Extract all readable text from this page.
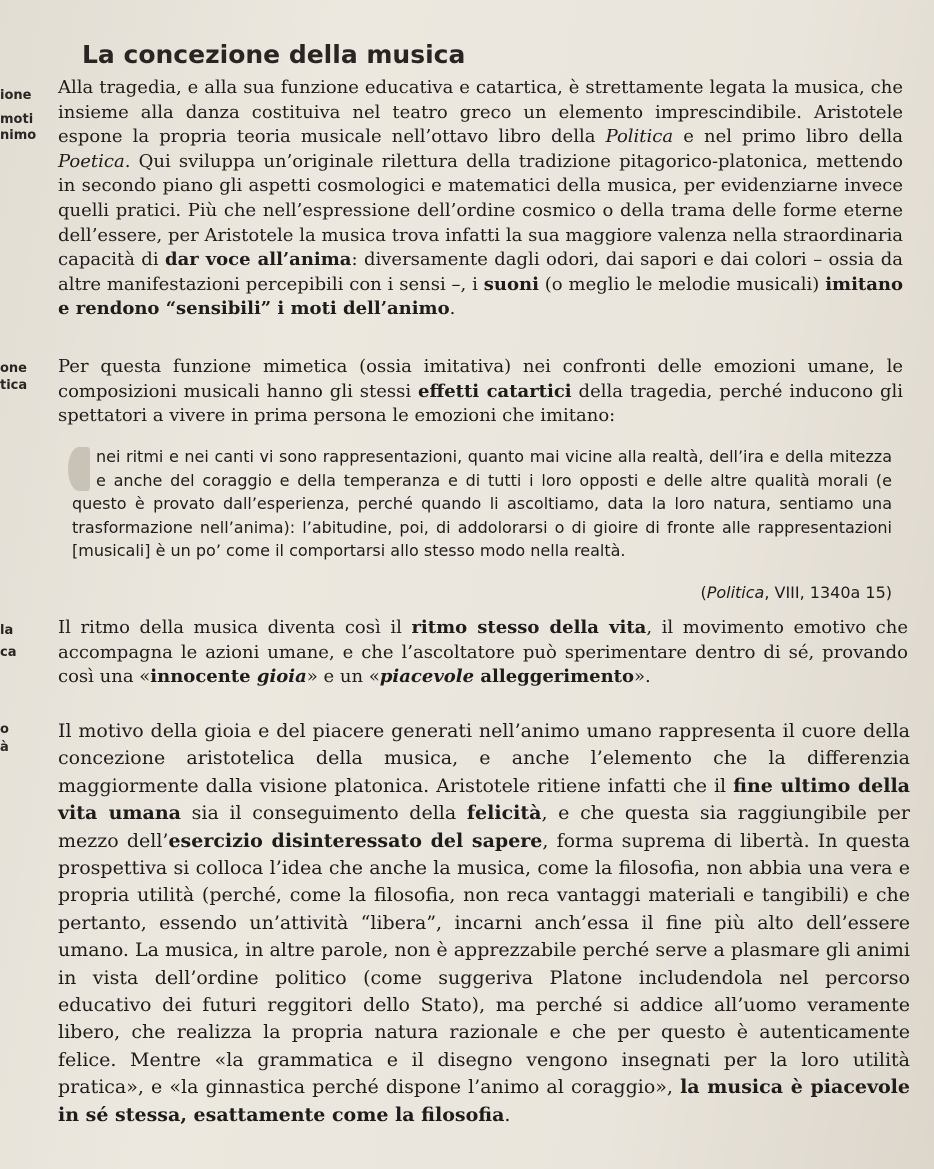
La concezione della musica
ione
moti
nimo
one
tica
la
ca
o
à

Alla tragedia, e alla sua funzione educativa e catartica, è strettamente legata la musica, che insieme alla danza costituiva nel teatro greco un elemento imprescindibile. Aristotele espone la propria teoria musicale nell’ottavo libro della Politica e nel primo libro della Poetica. Qui sviluppa un’originale rilettura della tradizione pitagorico-platonica, mettendo in secondo piano gli aspetti cosmologici e matematici della musica, per evidenziarne invece quelli pratici. Più che nell’espressione dell’ordine cosmico o della trama delle forme eterne dell’essere, per Aristotele la musica trova infatti la sua maggiore valenza nella straordinaria capacità di dar voce all’anima: diversamente dagli odori, dai sapori e dai colori – ossia da altre manifestazioni percepibili con i sensi –, i suoni (o meglio le melodie musicali) imitano e rendono “sensibili” i moti dell’animo.

Per questa funzione mimetica (ossia imitativa) nei confronti delle emozioni umane, le composizioni musicali hanno gli stessi effetti catartici della tragedia, perché inducono gli spettatori a vivere in prima persona le emozioni che imitano:

nei ritmi e nei canti vi sono rappresentazioni, quanto mai vicine alla realtà, dell’ira e della mitezza e anche del coraggio e della temperanza e di tutti i loro opposti e delle altre qualità morali (e questo è provato dall’esperienza, perché quando li ascoltiamo, data la loro natura, sentiamo una trasformazione nell’anima): l’abitudine, poi, di addolorarsi o di gioire di fronte alle rappresentazioni [musicali] è un po’ come il comportarsi allo stesso modo nella realtà.

(Politica, VIII, 1340a 15)

Il ritmo della musica diventa così il ritmo stesso della vita, il movimento emotivo che accompagna le azioni umane, e che l’ascoltatore può sperimentare dentro di sé, provando così una «innocente gioia» e un «piacevole alleggerimento».

Il motivo della gioia e del piacere generati nell’animo umano rappresenta il cuore della concezione aristotelica della musica, e anche l’elemento che la differenzia maggiormente dalla visione platonica. Aristotele ritiene infatti che il fine ultimo della vita umana sia il conseguimento della felicità, e che questa sia raggiungibile per mezzo dell’esercizio disinteressato del sapere, forma suprema di libertà. In questa prospettiva si colloca l’idea che anche la musica, come la filosofia, non abbia una vera e propria utilità (perché, come la filosofia, non reca vantaggi materiali e tangibili) e che pertanto, essendo un’attività “libera”, incarni anch’essa il fine più alto dell’essere umano. La musica, in altre parole, non è apprezzabile perché serve a plasmare gli animi in vista dell’ordine politico (come suggeriva Platone includendola nel percorso educativo dei futuri reggitori dello Stato), ma perché si addice all’uomo veramente libero, che realizza la propria natura razionale e che per questo è autenticamente felice. Mentre «la grammatica e il disegno vengono insegnati per la loro utilità pratica», e «la ginnastica perché dispone l’animo al coraggio», la musica è piacevole in sé stessa, esattamente come la filosofia.
